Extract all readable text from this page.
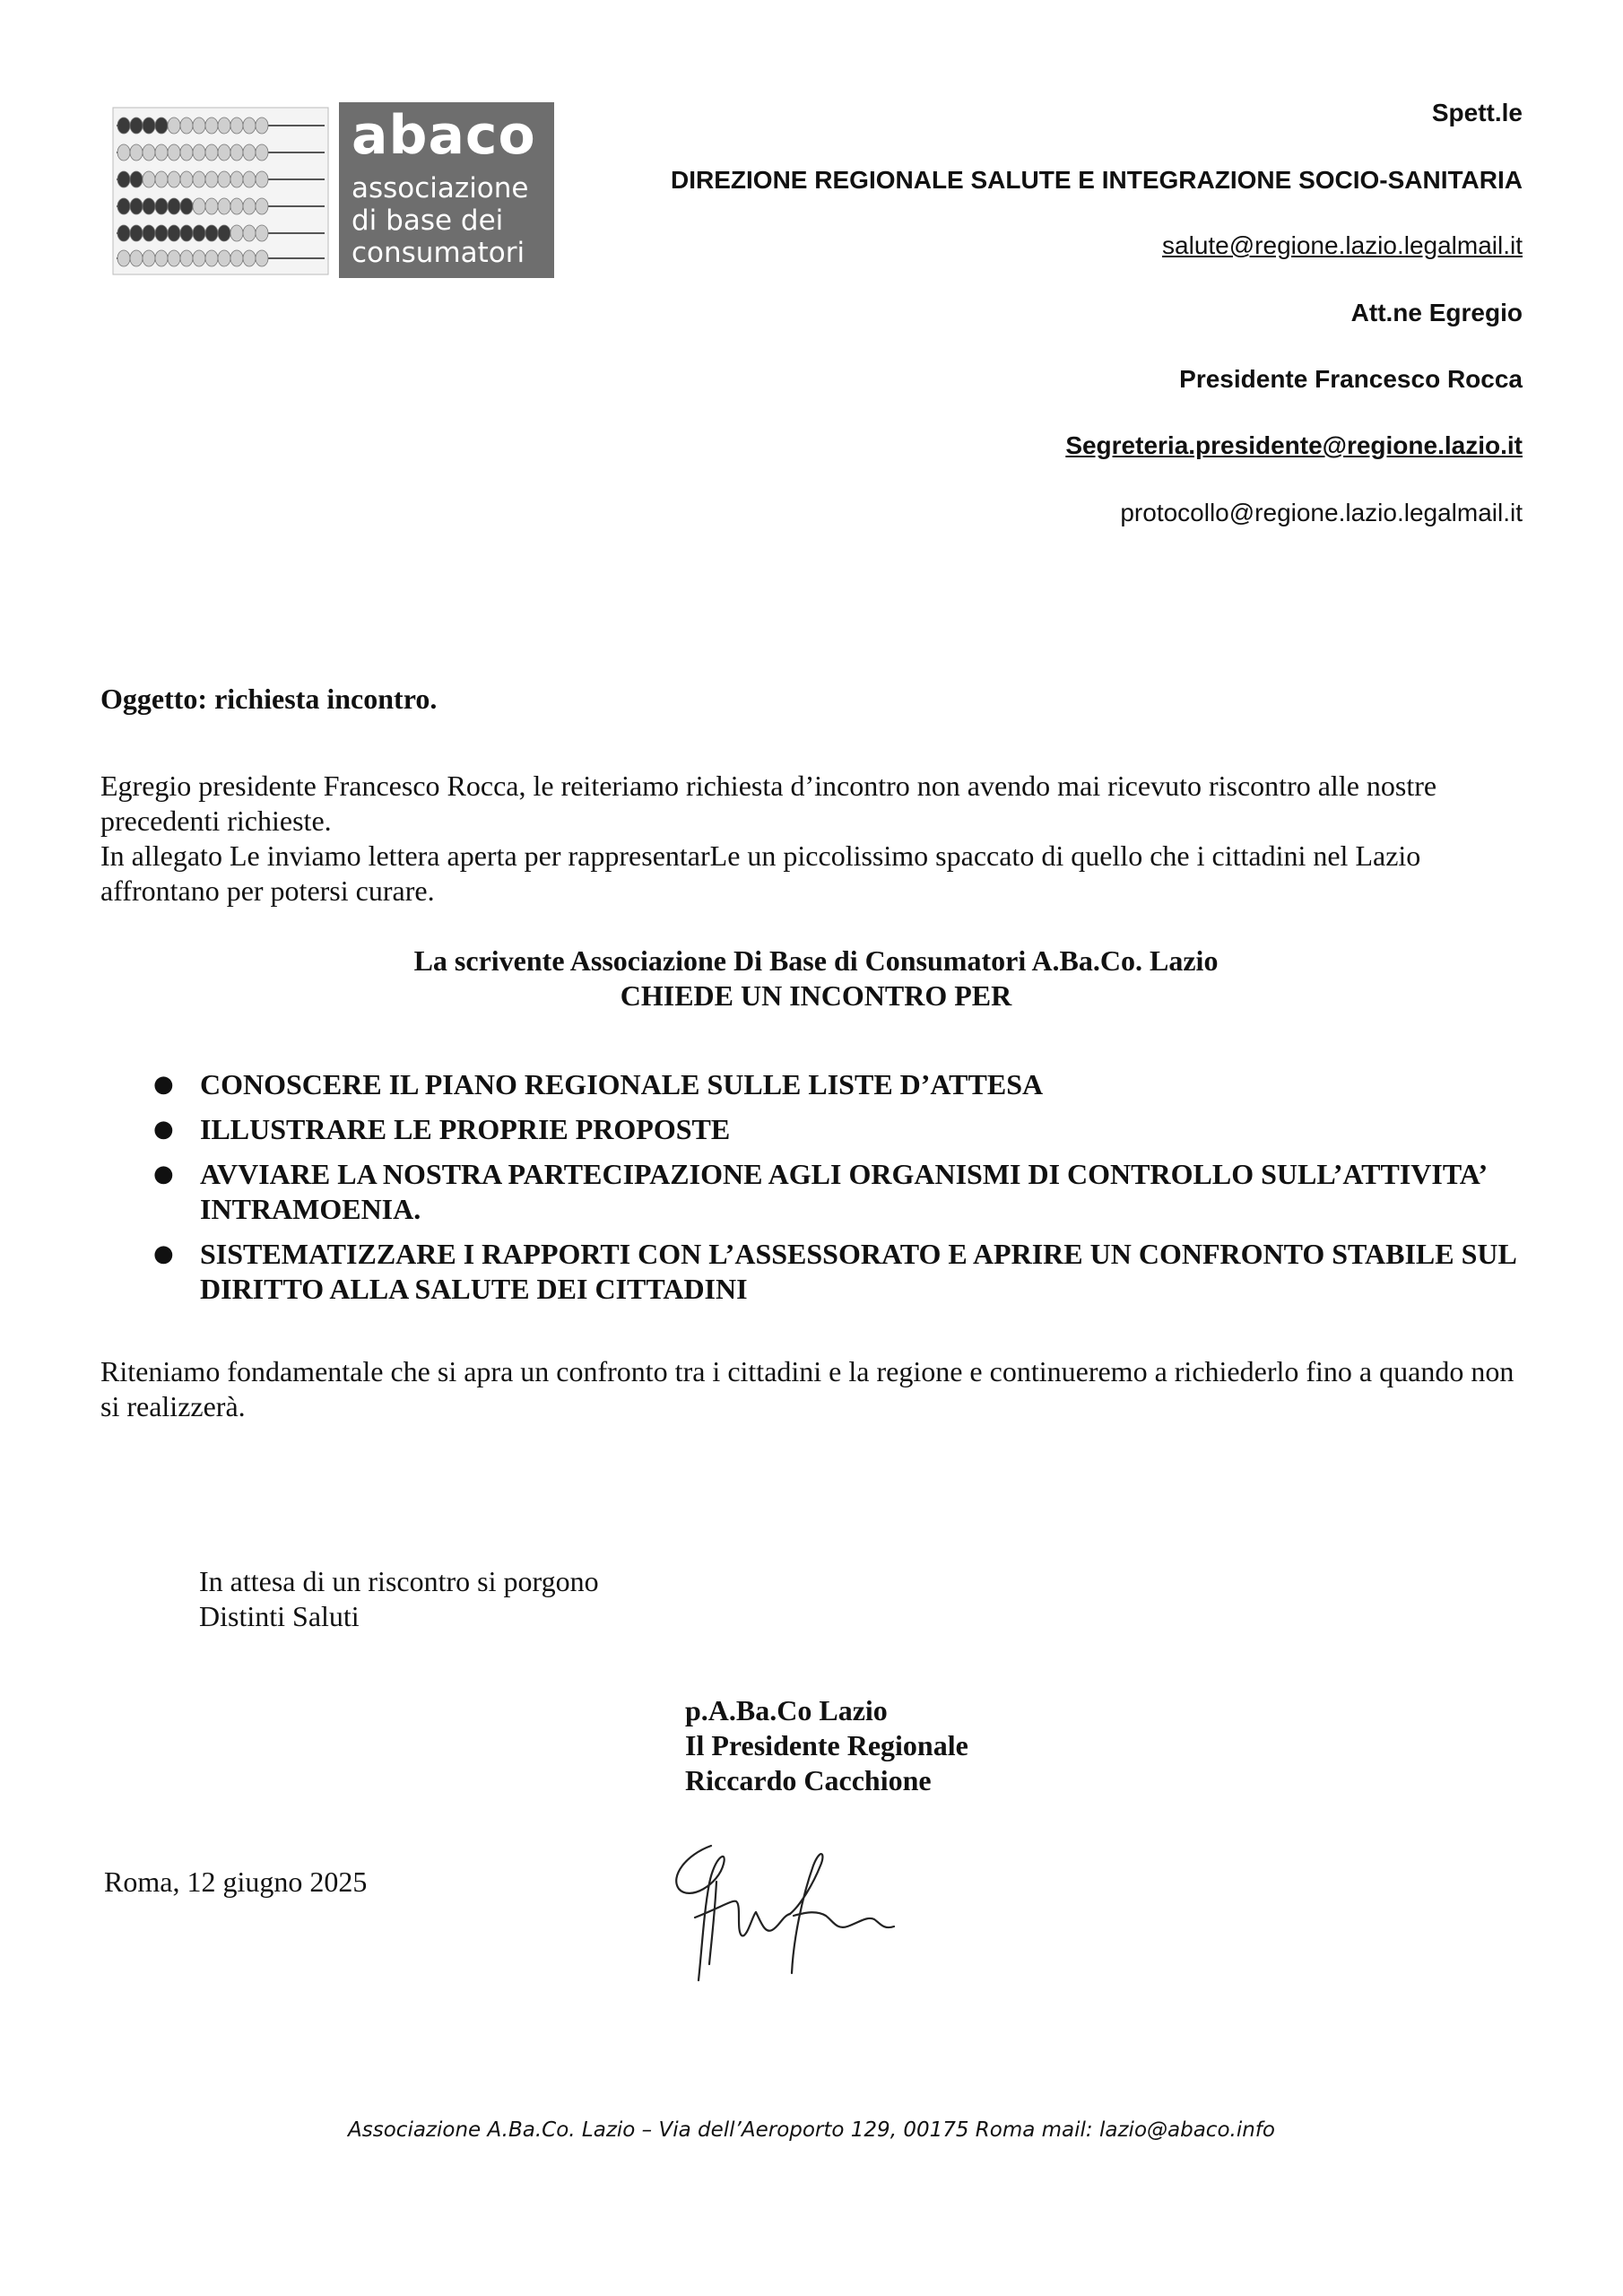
abaco
associazione
di base dei
consumatori
Spett.le
DIREZIONE REGIONALE SALUTE E INTEGRAZIONE SOCIO-SANITARIA
salute@regione.lazio.legalmail.it
Att.ne Egregio
Presidente Francesco Rocca
Segreteria.presidente@regione.lazio.it
protocollo@regione.lazio.legalmail.it
Oggetto: richiesta incontro.

Egregio presidente Francesco Rocca, le reiteriamo richiesta d’incontro non avendo mai ricevuto riscontro alle nostre precedenti richieste.

In allegato Le inviamo lettera aperta per rappresentarLe un piccolissimo spaccato di quello che i cittadini nel Lazio affrontano per potersi curare.

La scrivente Associazione Di Base di Consumatori A.Ba.Co. Lazio
CHIEDE UN INCONTRO PER
● CONOSCERE IL PIANO REGIONALE SULLE LISTE D’ATTESA
● ILLUSTRARE LE PROPRIE PROPOSTE
● AVVIARE LA NOSTRA PARTECIPAZIONE AGLI ORGANISMI DI CONTROLLO SULL’ATTIVITA’ INTRAMOENIA.
● SISTEMATIZZARE I RAPPORTI CON L’ASSESSORATO E APRIRE UN CONFRONTO STABILE SUL DIRITTO ALLA SALUTE DEI CITTADINI
Riteniamo fondamentale che si apra un confronto tra i cittadini e la regione e continueremo a richiederlo fino a quando non si realizzerà.
In attesa di un riscontro si porgono
Distinti Saluti
p.A.Ba.Co Lazio
Il Presidente Regionale
Riccardo Cacchione
Roma, 12 giugno 2025
Associazione A.Ba.Co. Lazio – Via dell’Aeroporto 129, 00175 Roma mail: lazio@abaco.info
